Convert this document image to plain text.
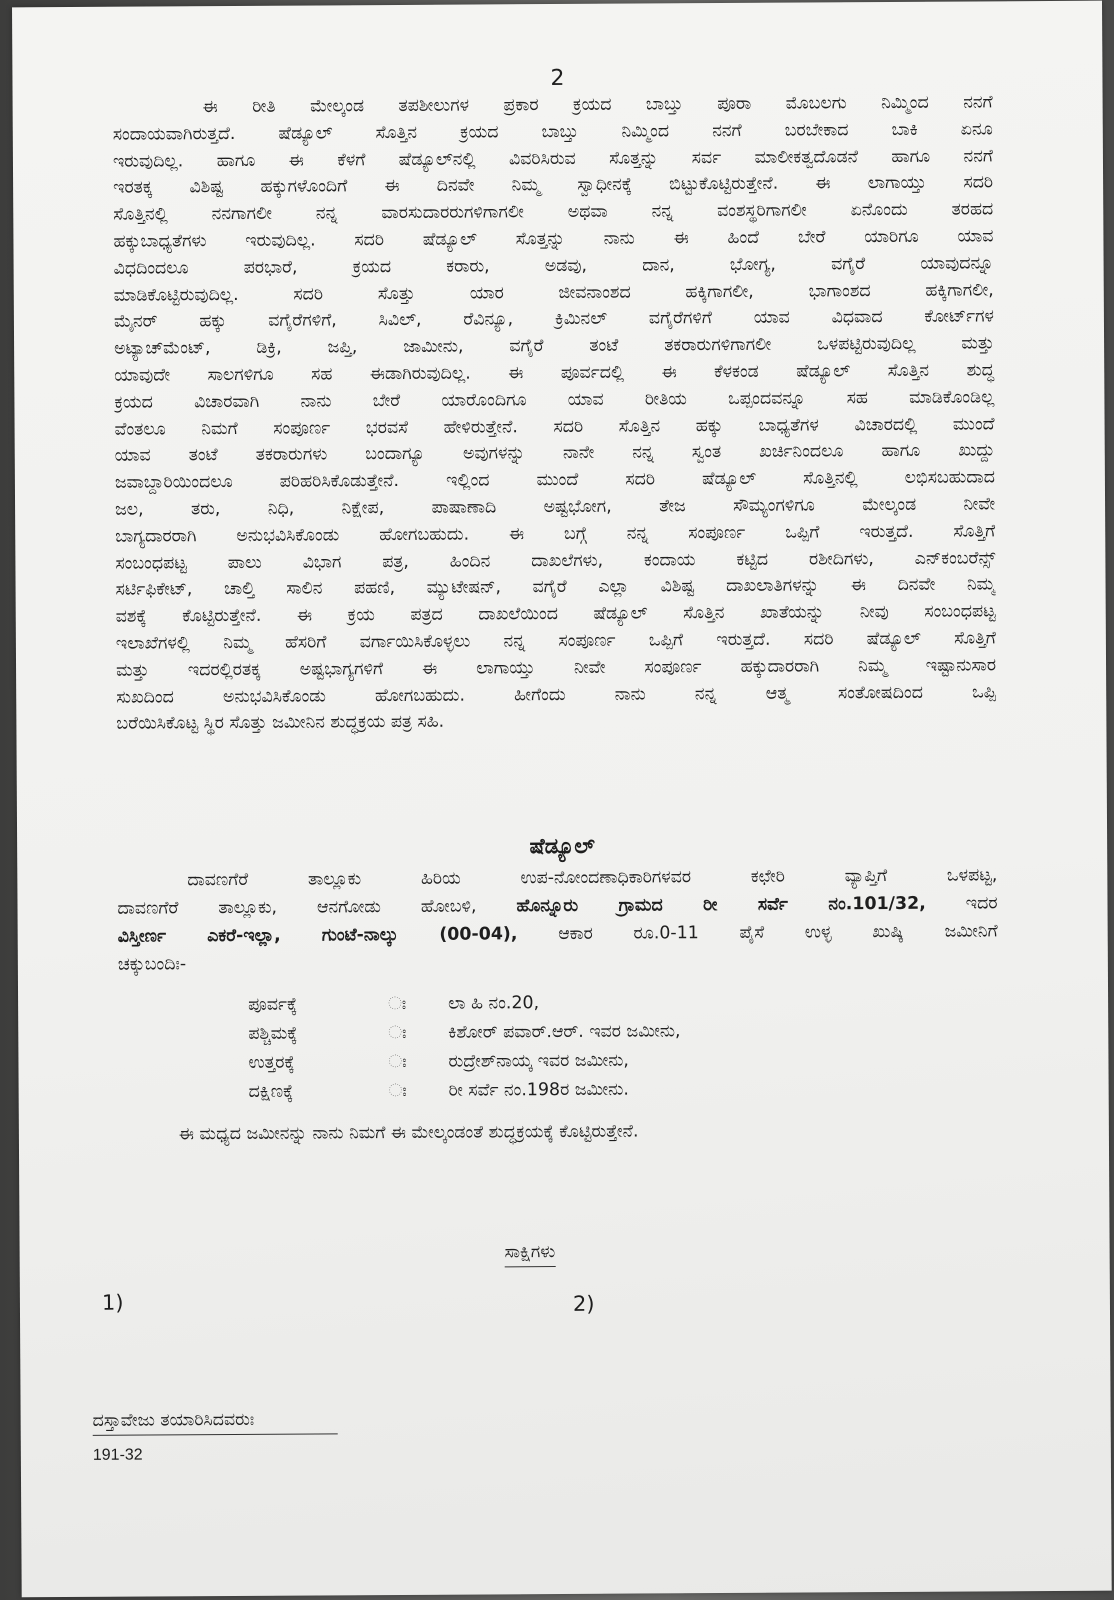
2
ಈ ರೀತಿ ಮೇಲ್ಕಂಡ ತಪಶೀಲುಗಳ ಪ್ರಕಾರ ಕ್ರಯದ ಬಾಬ್ತು ಪೂರಾ ಮೊಬಲಗು ನಿಮ್ಮಿಂದ ನನಗೆ
ಸಂದಾಯವಾಗಿರುತ್ತದೆ. ಷೆಡ್ಯೂಲ್ ಸೊತ್ತಿನ ಕ್ರಯದ ಬಾಬ್ತು ನಿಮ್ಮಿಂದ ನನಗೆ ಬರಬೇಕಾದ ಬಾಕಿ ಏನೂ
ಇರುವುದಿಲ್ಲ. ಹಾಗೂ ಈ ಕೆಳಗೆ ಷೆಡ್ಯೂಲ್‌ನಲ್ಲಿ ವಿವರಿಸಿರುವ ಸೊತ್ತನ್ನು ಸರ್ವ ಮಾಲೀಕತ್ವದೊಡನೆ ಹಾಗೂ ನನಗೆ
ಇರತಕ್ಕ ವಿಶಿಷ್ಟ ಹಕ್ಕುಗಳೊಂದಿಗೆ ಈ ದಿನವೇ ನಿಮ್ಮ ಸ್ವಾಧೀನಕ್ಕೆ ಬಿಟ್ಟುಕೊಟ್ಟಿರುತ್ತೇನೆ. ಈ ಲಾಗಾಯ್ತು ಸದರಿ
ಸೊತ್ತಿನಲ್ಲಿ ನನಗಾಗಲೀ ನನ್ನ ವಾರಸುದಾರರುಗಳಿಗಾಗಲೀ ಅಥವಾ ನನ್ನ ವಂಶಸ್ಥರಿಗಾಗಲೀ ಏನೊಂದು ತರಹದ
ಹಕ್ಕುಬಾಧ್ಯತೆಗಳು ಇರುವುದಿಲ್ಲ. ಸದರಿ ಷೆಡ್ಯೂಲ್ ಸೊತ್ತನ್ನು ನಾನು ಈ ಹಿಂದೆ ಬೇರೆ ಯಾರಿಗೂ ಯಾವ
ವಿಧದಿಂದಲೂ ಪರಭಾರೆ, ಕ್ರಯದ ಕರಾರು, ಅಡವು, ದಾನ, ಭೋಗ್ಯ, ವಗೈರೆ ಯಾವುದನ್ನೂ
ಮಾಡಿಕೊಟ್ಟಿರುವುದಿಲ್ಲ. ಸದರಿ ಸೊತ್ತು ಯಾರ ಜೀವನಾಂಶದ ಹಕ್ಕಿಗಾಗಲೀ, ಭಾಗಾಂಶದ ಹಕ್ಕಿಗಾಗಲೀ,
ಮೈನರ್ ಹಕ್ಕು ವಗೈರೆಗಳಿಗೆ, ಸಿವಿಲ್, ರೆವಿನ್ಯೂ, ಕ್ರಿಮಿನಲ್ ವಗೈರೆಗಳಿಗೆ ಯಾವ ವಿಧವಾದ ಕೋರ್ಟ್‌ಗಳ
ಅಟ್ಯಾಚ್‌ಮೆಂಟ್, ಡಿಕ್ರಿ, ಜಪ್ತಿ, ಜಾಮೀನು, ವಗೈರೆ ತಂಟೆ ತಕರಾರುಗಳಿಗಾಗಲೀ ಒಳಪಟ್ಟಿರುವುದಿಲ್ಲ ಮತ್ತು
ಯಾವುದೇ ಸಾಲಗಳಿಗೂ ಸಹ ಈಡಾಗಿರುವುದಿಲ್ಲ. ಈ ಪೂರ್ವದಲ್ಲಿ ಈ ಕೆಳಕಂಡ ಷೆಡ್ಯೂಲ್ ಸೊತ್ತಿನ ಶುದ್ಧ
ಕ್ರಯದ ವಿಚಾರವಾಗಿ ನಾನು ಬೇರೆ ಯಾರೊಂದಿಗೂ ಯಾವ ರೀತಿಯ ಒಪ್ಪಂದವನ್ನೂ ಸಹ ಮಾಡಿಕೊಂಡಿಲ್ಲ
ವೆಂತಲೂ ನಿಮಗೆ ಸಂಪೂರ್ಣ ಭರವಸೆ ಹೇಳಿರುತ್ತೇನೆ. ಸದರಿ ಸೊತ್ತಿನ ಹಕ್ಕು ಬಾಧ್ಯತೆಗಳ ವಿಚಾರದಲ್ಲಿ ಮುಂದೆ
ಯಾವ ತಂಟೆ ತಕರಾರುಗಳು ಬಂದಾಗ್ಯೂ ಅವುಗಳನ್ನು ನಾನೇ ನನ್ನ ಸ್ವಂತ ಖರ್ಚಿನಿಂದಲೂ ಹಾಗೂ ಖುದ್ದು
ಜವಾಬ್ದಾರಿಯಿಂದಲೂ ಪರಿಹರಿಸಿಕೊಡುತ್ತೇನೆ. ಇಲ್ಲಿಂದ ಮುಂದೆ ಸದರಿ ಷೆಡ್ಯೂಲ್ ಸೊತ್ತಿನಲ್ಲಿ ಲಭಿಸಬಹುದಾದ
ಜಲ, ತರು, ನಿಧಿ, ನಿಕ್ಷೇಪ, ಪಾಷಾಣಾದಿ ಅಷ್ಟಭೋಗ, ತೇಜ ಸೌಮ್ಯಂಗಳಿಗೂ ಮೇಲ್ಕಂಡ ನೀವೇ
ಬಾಗ್ಯದಾರರಾಗಿ ಅನುಭವಿಸಿಕೊಂಡು ಹೋಗಬಹುದು. ಈ ಬಗ್ಗೆ ನನ್ನ ಸಂಪೂರ್ಣ ಒಪ್ಪಿಗೆ ಇರುತ್ತದೆ. ಸೊತ್ತಿಗೆ
ಸಂಬಂಧಪಟ್ಟ ಪಾಲು ವಿಭಾಗ ಪತ್ರ, ಹಿಂದಿನ ದಾಖಲೆಗಳು, ಕಂದಾಯ ಕಟ್ಟಿದ ರಶೀದಿಗಳು, ಎನ್‌ಕಂಬರೆನ್ಸ್
ಸರ್ಟಿಫಿಕೇಟ್, ಚಾಲ್ತಿ ಸಾಲಿನ ಪಹಣಿ, ಮ್ಯುಟೇಷನ್, ವಗೈರೆ ಎಲ್ಲಾ ವಿಶಿಷ್ಟ ದಾಖಲಾತಿಗಳನ್ನು ಈ ದಿನವೇ ನಿಮ್ಮ
ವಶಕ್ಕೆ ಕೊಟ್ಟಿರುತ್ತೇನೆ. ಈ ಕ್ರಯ ಪತ್ರದ ದಾಖಲೆಯಿಂದ ಷೆಡ್ಯೂಲ್ ಸೊತ್ತಿನ ಖಾತೆಯನ್ನು ನೀವು ಸಂಬಂಧಪಟ್ಟ
ಇಲಾಖೆಗಳಲ್ಲಿ ನಿಮ್ಮ ಹೆಸರಿಗೆ ವರ್ಗಾಯಿಸಿಕೊಳ್ಳಲು ನನ್ನ ಸಂಪೂರ್ಣ ಒಪ್ಪಿಗೆ ಇರುತ್ತದೆ. ಸದರಿ ಷೆಡ್ಯೂಲ್ ಸೊತ್ತಿಗೆ
ಮತ್ತು ಇದರಲ್ಲಿರತಕ್ಕ ಅಷ್ಟಭಾಗ್ಯಗಳಿಗೆ ಈ ಲಾಗಾಯ್ತು ನೀವೇ ಸಂಪೂರ್ಣ ಹಕ್ಕುದಾರರಾಗಿ ನಿಮ್ಮ ಇಷ್ಟಾನುಸಾರ
ಸುಖದಿಂದ ಅನುಭವಿಸಿಕೊಂಡು ಹೋಗಬಹುದು. ಹೀಗೆಂದು ನಾನು ನನ್ನ ಆತ್ಮ ಸಂತೋಷದಿಂದ ಒಪ್ಪಿ
ಬರೆಯಿಸಿಕೊಟ್ಟ ಸ್ಥಿರ ಸೊತ್ತು ಜಮೀನಿನ ಶುದ್ಧಕ್ರಯ ಪತ್ರ ಸಹಿ.
ಷೆಡ್ಯೂಲ್
ದಾವಣಗೆರೆ ತಾಲ್ಲೂಕು ಹಿರಿಯ ಉಪ-ನೋಂದಣಾಧಿಕಾರಿಗಳವರ ಕಛೇರಿ ವ್ಯಾಪ್ತಿಗೆ ಒಳಪಟ್ಟ,
ದಾವಣಗೆರೆ ತಾಲ್ಲೂಕು, ಆನಗೋಡು ಹೋಬಳಿ, ಹೊನ್ನೂರು ಗ್ರಾಮದ ರೀ ಸರ್ವೆ ನಂ.101/32, ಇದರ
ವಿಸ್ತೀರ್ಣ ಎಕರೆ-ಇಲ್ಲಾ, ಗುಂಟೆ-ನಾಲ್ಕು (00-04), ಆಕಾರ ರೂ.0-11 ಪೈಸೆ ಉಳ್ಳ ಖುಷ್ಕಿ ಜಮೀನಿಗೆ
ಚಕ್ಕುಬಂದಿಃ-
ಪೂರ್ವಕ್ಕೆ	ಃ	ಲಾ ಹಿ ನಂ.20,
ಪಶ್ಚಿಮಕ್ಕೆ	ಃ	ಕಿಶೋರ್ ಪವಾರ್.ಆರ್. ಇವರ ಜಮೀನು,
ಉತ್ತರಕ್ಕೆ	ಃ	ರುದ್ರೇಶ್‌ನಾಯ್ಕ ಇವರ ಜಮೀನು,
ದಕ್ಷಿಣಕ್ಕೆ	ಃ	ರೀ ಸರ್ವೆ ನಂ.198ರ ಜಮೀನು.
ಈ ಮಧ್ಯದ ಜಮೀನನ್ನು ನಾನು ನಿಮಗೆ ಈ ಮೇಲ್ಕಂಡಂತೆ ಶುದ್ಧಕ್ರಯಕ್ಕೆ ಕೊಟ್ಟಿರುತ್ತೇನೆ.
ಸಾಕ್ಷಿಗಳು
1)	2)
ದಸ್ತಾವೇಜು ತಯಾರಿಸಿದವರುಃ
191-32
